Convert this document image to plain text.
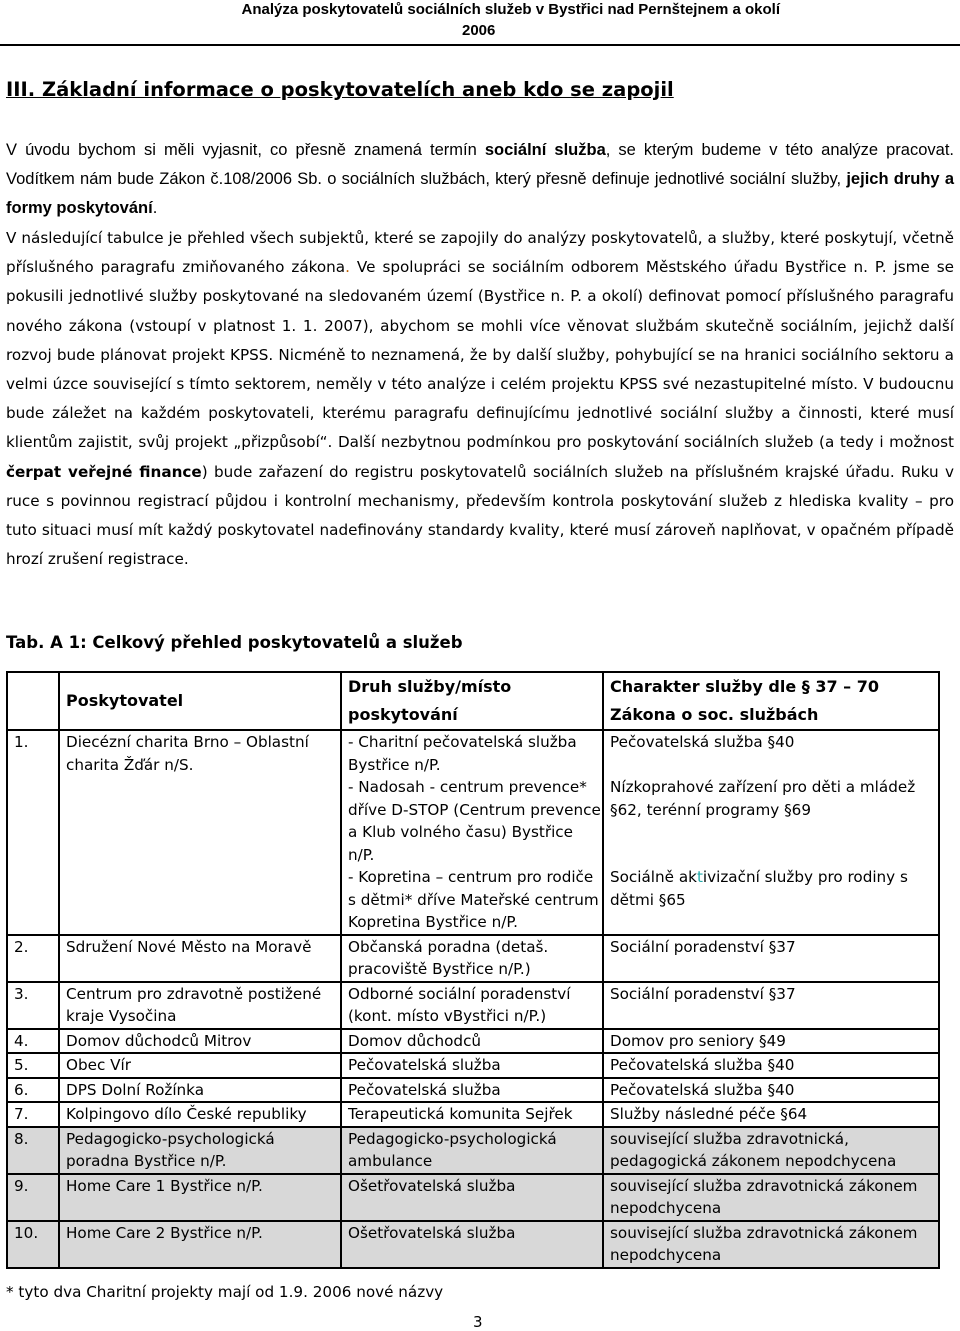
Analýza poskytovatelů sociálních služeb v Bystřici nad Pernštejnem a okolí
2006
III. Základní informace o poskytovatelích aneb kdo se zapojil
V úvodu bychom si měli vyjasnit, co přesně znamená termín sociální služba, se kterým budeme v této analýze pracovat. Vodítkem nám bude Zákon č.108/2006 Sb. o sociálních službách, který přesně definuje jednotlivé sociální služby, jejich druhy a formy poskytování.
V následující tabulce je přehled všech subjektů, které se zapojily do analýzy poskytovatelů, a služby, které poskytují, včetně příslušného paragrafu zmiňovaného zákona. Ve spolupráci se sociálním odborem Městského úřadu Bystřice n. P. jsme se pokusili jednotlivé služby poskytované na sledovaném území (Bystřice n. P. a okolí) definovat pomocí příslušného paragrafu nového zákona (vstoupí v platnost 1. 1. 2007), abychom se mohli více věnovat službám skutečně sociálním, jejichž další rozvoj bude plánovat projekt KPSS. Nicméně to neznamená, že by další služby, pohybující se na hranici sociálního sektoru a velmi úzce související s tímto sektorem, neměly v této analýze i celém projektu KPSS své nezastupitelné místo. V budoucnu bude záležet na každém poskytovateli, kterému paragrafu definujícímu jednotlivé sociální služby a činnosti, které musí klientům zajistit, svůj projekt „přizpůsobí“. Další nezbytnou podmínkou pro poskytování sociálních služeb (a tedy i možnost čerpat veřejné finance) bude zařazení do registru poskytovatelů sociálních služeb na příslušném krajské úřadu. Ruku v ruce s povinnou registrací půjdou i kontrolní mechanismy, především kontrola poskytování služeb z hlediska kvality – pro tuto situaci musí mít každý poskytovatel nadefinovány standardy kvality, které musí zároveň naplňovat, v opačném případě hrozí zrušení registrace.
Tab. A 1: Celkový přehled poskytovatelů a služeb
	Poskytovatel	Druh služby/místo poskytování	Charakter služby dle § 37 – 70 Zákona o soc. službách
1.	Diecézní charita Brno – Oblastní charita Žďár n/S.	- Charitní pečovatelská služba Bystřice n/P.	Pečovatelská služba §40
		- Nadosah - centrum prevence* dříve D-STOP (Centrum prevence a Klub volného času) Bystřice n/P.	Nízkoprahové zařízení pro děti a mládež §62, terénní programy §69
		- Kopretina – centrum pro rodiče s dětmi* dříve Mateřské centrum Kopretina Bystřice n/P.	Sociálně aktivizační služby pro rodiny s dětmi §65
2.	Sdružení Nové Město na Moravě	Občanská poradna (detaš. pracoviště Bystřice n/P.)	Sociální poradenství §37
3.	Centrum pro zdravotně postižené kraje Vysočina	Odborné sociální poradenství (kont. místo vBystřici n/P.)	Sociální poradenství §37
4.	Domov důchodců Mitrov	Domov důchodců	Domov pro seniory §49
5.	Obec Vír	Pečovatelská služba	Pečovatelská služba §40
6.	DPS Dolní Rožínka	Pečovatelská služba	Pečovatelská služba §40
7.	Kolpingovo dílo České republiky	Terapeutická komunita Sejřek	Služby následné péče §64
8.	Pedagogicko-psychologická poradna Bystřice n/P.	Pedagogicko-psychologická ambulance	související služba zdravotnická, pedagogická zákonem nepodchycena
9.	Home Care 1 Bystřice n/P.	Ošetřovatelská služba	související služba zdravotnická zákonem nepodchycena
10.	Home Care 2 Bystřice n/P.	Ošetřovatelská služba	související služba zdravotnická zákonem nepodchycena
* tyto dva Charitní projekty mají od 1.9. 2006 nové názvy
3
